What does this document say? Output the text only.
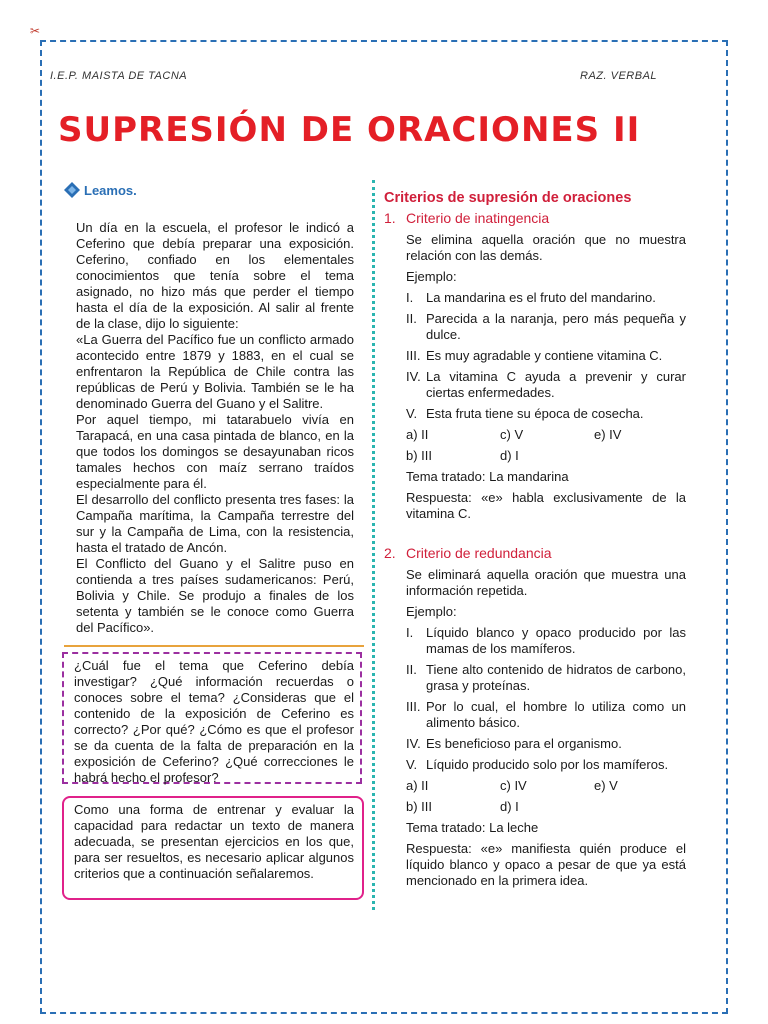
✂
I.E.P. MAISTA DE TACNA	RAZ. VERBAL
SUPRESIÓN DE ORACIONES II
Leamos.

Un día en la escuela, el profesor le indicó a Ceferino que debía preparar una exposición. Ceferino, confiado en los elementales conocimientos que tenía sobre el tema asignado, no hizo más que perder el tiempo hasta el día de la exposición. Al salir al frente de la clase, dijo lo siguiente:

«La Guerra del Pacífico fue un conflicto armado acontecido entre 1879 y 1883, en el cual se enfrentaron la República de Chile contra las repúblicas de Perú y Bolivia. También se le ha denominado Guerra del Guano y el Salitre.

Por aquel tiempo, mi tatarabuelo vivía en Tarapacá, en una casa pintada de blanco, en la que todos los domingos se desayunaban ricos tamales hechos con maíz serrano traídos especialmente para él.

El desarrollo del conflicto presenta tres fases: la Campaña marítima, la Campaña terrestre del sur y la Campaña de Lima, con la resistencia, hasta el tratado de Ancón.

El Conflicto del Guano y el Salitre puso en contienda a tres países sudamericanos: Perú, Bolivia y Chile. Se produjo a finales de los setenta y también se le conoce como Guerra del Pacífico».

¿Cuál fue el tema que Ceferino debía investigar? ¿Qué información recuerdas o conoces sobre el tema? ¿Consideras que el contenido de la exposición de Ceferino es correcto? ¿Por qué? ¿Cómo es que el profesor se da cuenta de la falta de preparación en la exposición de Ceferino? ¿Qué correcciones le habrá hecho el profesor?
Como una forma de entrenar y evaluar la capacidad para redactar un texto de manera adecuada, se presentan ejercicios en los que, para ser resueltos, es necesario aplicar algunos criterios que a continuación señalaremos.
Criterios de supresión de oraciones
1. Criterio de inatingencia
Se elimina aquella oración que no muestra relación con las demás.
Ejemplo:
I. La mandarina es el fruto del mandarino.
II. Parecida a la naranja, pero más pequeña y dulce.
III. Es muy agradable y contiene vitamina C.
IV. La vitamina C ayuda a prevenir y curar ciertas enfermedades.
V. Esta fruta tiene su época de cosecha.
a) II	c) V	e) IV
b) III	d) I
Tema tratado: La mandarina
Respuesta: «e» habla exclusivamente de la vitamina C.
2. Criterio de redundancia
Se eliminará aquella oración que muestra una información repetida.
Ejemplo:
I. Líquido blanco y opaco producido por las mamas de los mamíferos.
II. Tiene alto contenido de hidratos de carbono, grasa y proteínas.
III. Por lo cual, el hombre lo utiliza como un alimento básico.
IV. Es beneficioso para el organismo.
V. Líquido producido solo por los mamíferos.
a) II	c) IV	e) V
b) III	d) I
Tema tratado: La leche
Respuesta: «e» manifiesta quién produce el líquido blanco y opaco a pesar de que ya está mencionado en la primera idea.
